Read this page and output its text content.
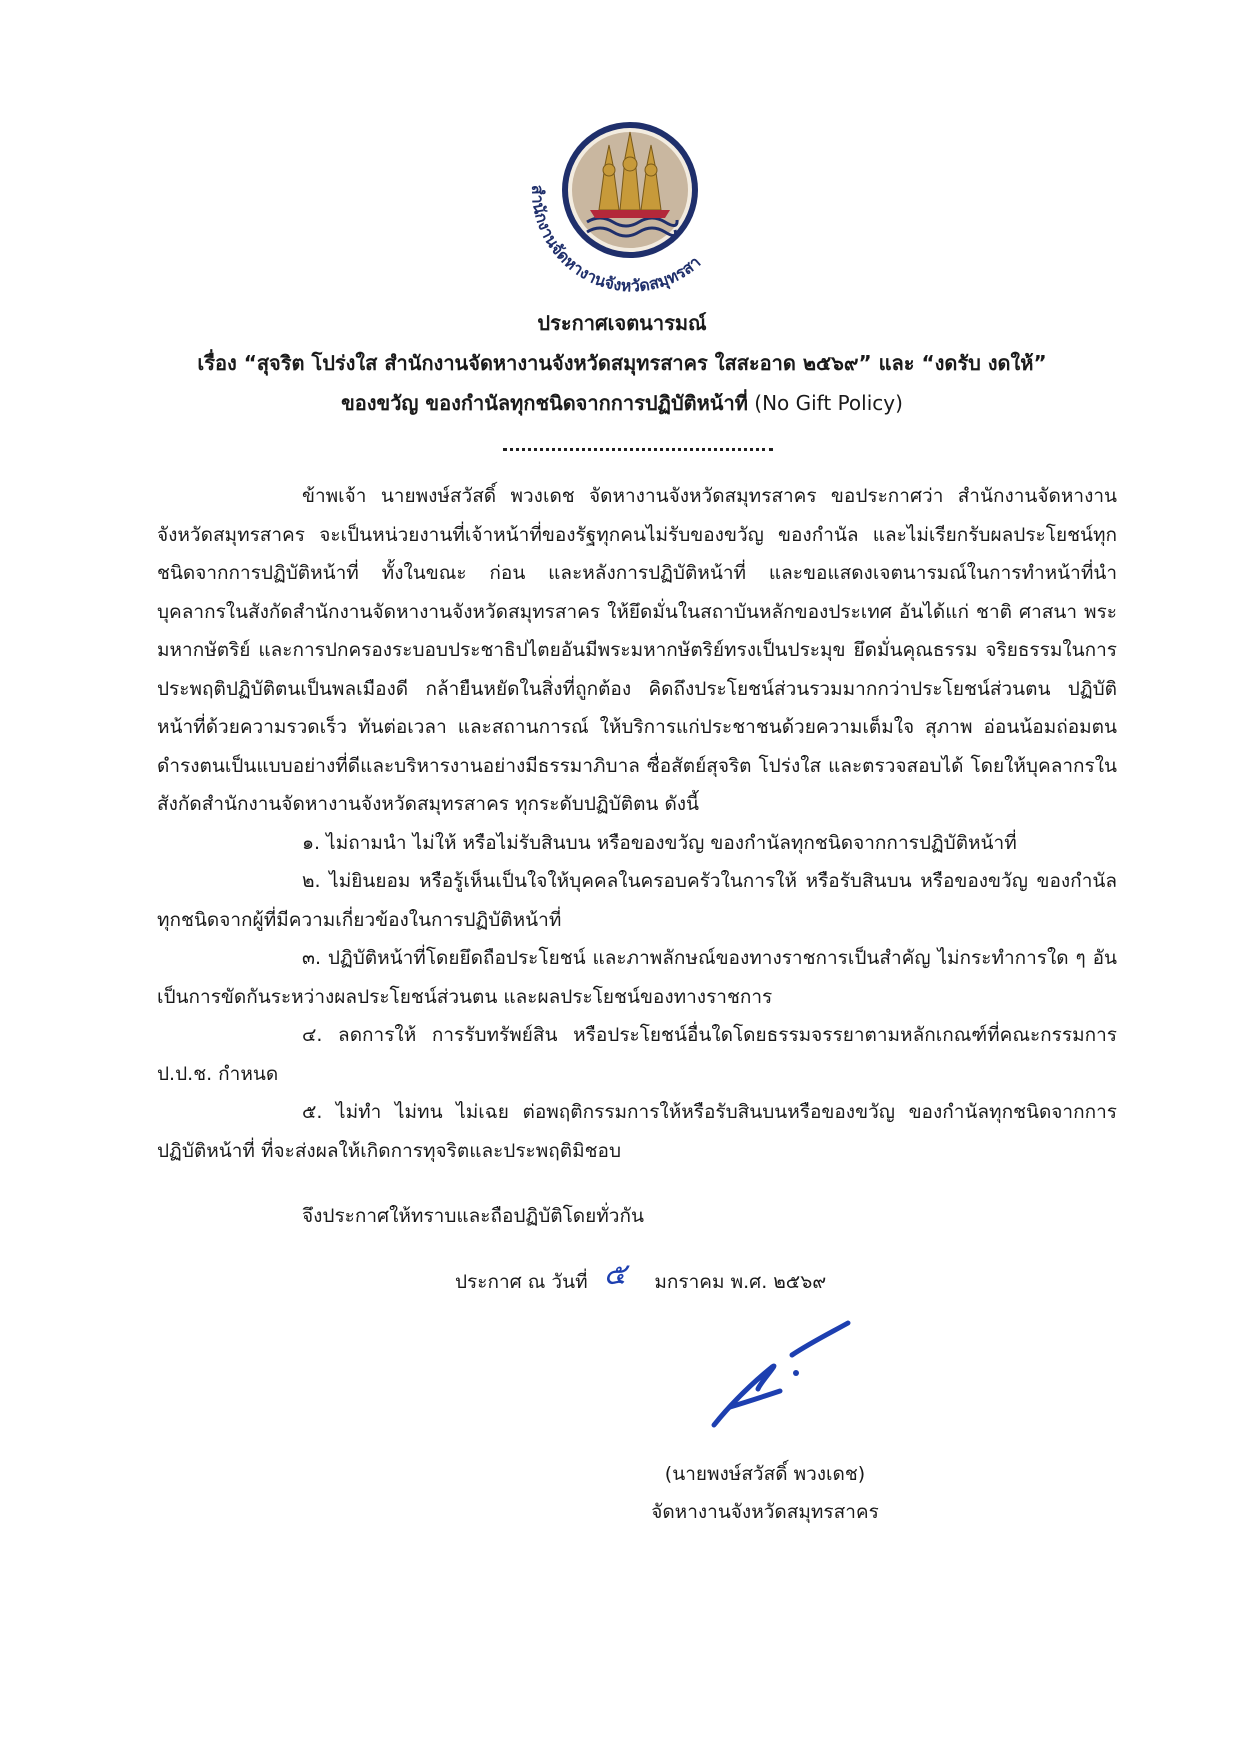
สำนักงานจัดหางานจังหวัดสมุทรสา
ประกาศเจตนารมณ์
เรื่อง “สุจริต โปร่งใส สำนักงานจัดหางานจังหวัดสมุทรสาคร ใสสะอาด ๒๕๖๙” และ “งดรับ งดให้”
ของขวัญ ของกำนัลทุกชนิดจากการปฏิบัติหน้าที่ (No Gift Policy)

ข้าพเจ้า นายพงษ์สวัสดิ์ พวงเดช จัดหางานจังหวัดสมุทรสาคร ขอประกาศว่า สำนักงานจัดหางานจังหวัดสมุทรสาคร จะเป็นหน่วยงานที่เจ้าหน้าที่ของรัฐทุกคนไม่รับของขวัญ ของกำนัล และไม่เรียกรับผลประโยชน์ทุกชนิดจากการปฏิบัติหน้าที่ ทั้งในขณะ ก่อน และหลังการปฏิบัติหน้าที่ และขอแสดงเจตนารมณ์ในการทำหน้าที่นำบุคลากรในสังกัดสำนักงานจัดหางานจังหวัดสมุทรสาคร ให้ยึดมั่นในสถาบันหลักของประเทศ อันได้แก่ ชาติ ศาสนา พระมหากษัตริย์ และการปกครองระบอบประชาธิปไตยอันมีพระมหากษัตริย์ทรงเป็นประมุข ยึดมั่นคุณธรรม จริยธรรมในการประพฤติปฏิบัติตนเป็นพลเมืองดี กล้ายืนหยัดในสิ่งที่ถูกต้อง คิดถึงประโยชน์ส่วนรวมมากกว่าประโยชน์ส่วนตน ปฏิบัติหน้าที่ด้วยความรวดเร็ว ทันต่อเวลา และสถานการณ์ ให้บริการแก่ประชาชนด้วยความเต็มใจ สุภาพ อ่อนน้อมถ่อมตนดำรงตนเป็นแบบอย่างที่ดีและบริหารงานอย่างมีธรรมาภิบาล ซื่อสัตย์สุจริต โปร่งใส และตรวจสอบได้ โดยให้บุคลากรในสังกัดสำนักงานจัดหางานจังหวัดสมุทรสาคร ทุกระดับปฏิบัติตน ดังนี้

๑. ไม่ถามนำ ไม่ให้ หรือไม่รับสินบน หรือของขวัญ ของกำนัลทุกชนิดจากการปฏิบัติหน้าที่

๒. ไม่ยินยอม หรือรู้เห็นเป็นใจให้บุคคลในครอบครัวในการให้ หรือรับสินบน หรือของขวัญ ของกำนัลทุกชนิดจากผู้ที่มีความเกี่ยวข้องในการปฏิบัติหน้าที่

๓. ปฏิบัติหน้าที่โดยยึดถือประโยชน์ และภาพลักษณ์ของทางราชการเป็นสำคัญ ไม่กระทำการใด ๆ อันเป็นการขัดกันระหว่างผลประโยชน์ส่วนตน และผลประโยชน์ของทางราชการ

๔. ลดการให้ การรับทรัพย์สิน หรือประโยชน์อื่นใดโดยธรรมจรรยาตามหลักเกณฑ์ที่คณะกรรมการ ป.ป.ช. กำหนด

๕. ไม่ทำ ไม่ทน ไม่เฉย ต่อพฤติกรรมการให้หรือรับสินบนหรือของขวัญ ของกำนัลทุกชนิดจากการปฏิบัติหน้าที่ ที่จะส่งผลให้เกิดการทุจริตและประพฤติมิชอบ

จึงประกาศให้ทราบและถือปฏิบัติโดยทั่วกัน
ประกาศ ณ วันที่ ๕ มกราคม พ.ศ. ๒๕๖๙
(นายพงษ์สวัสดิ์ พวงเดช)
จัดหางานจังหวัดสมุทรสาคร
